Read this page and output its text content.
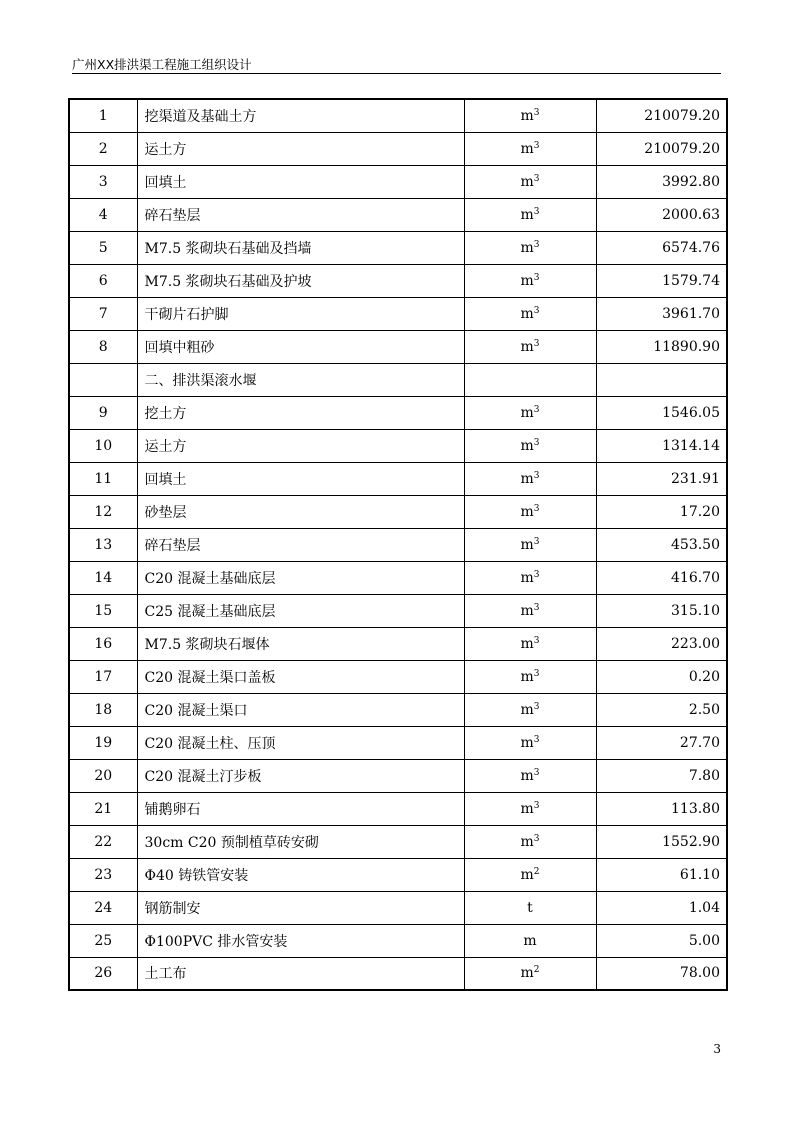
广州XX排洪渠工程施工组织设计
1	挖渠道及基础土方	$m^3$	210079.20
2	运土方	$m^3$	210079.20
3	回填土	$m^3$	3992.80
4	碎石垫层	$m^3$	2000.63
5	M7.5 浆砌块石基础及挡墙	$m^3$	6574.76
6	M7.5 浆砌块石基础及护坡	$m^3$	1579.74
7	干砌片石护脚	$m^3$	3961.70
8	回填中粗砂	$m^3$	11890.90
	二、排洪渠滚水堰		
9	挖土方	$m^3$	1546.05
10	运土方	$m^3$	1314.14
11	回填土	$m^3$	231.91
12	砂垫层	$m^3$	17.20
13	碎石垫层	$m^3$	453.50
14	C20 混凝土基础底层	$m^3$	416.70
15	C25 混凝土基础底层	$m^3$	315.10
16	M7.5 浆砌块石堰体	$m^3$	223.00
17	C20 混凝土渠口盖板	$m^3$	0.20
18	C20 混凝土渠口	$m^3$	2.50
19	C20 混凝土柱、压顶	$m^3$	27.70
20	C20 混凝土汀步板	$m^3$	7.80
21	铺鹅卵石	$m^3$	113.80
22	30cm C20 预制植草砖安砌	$m^3$	1552.90
23	Φ40 铸铁管安装	$m^2$	61.10
24	钢筋制安	t	1.04
25	Φ100PVC 排水管安装	m	5.00
26	土工布	$m^2$	78.00
3
